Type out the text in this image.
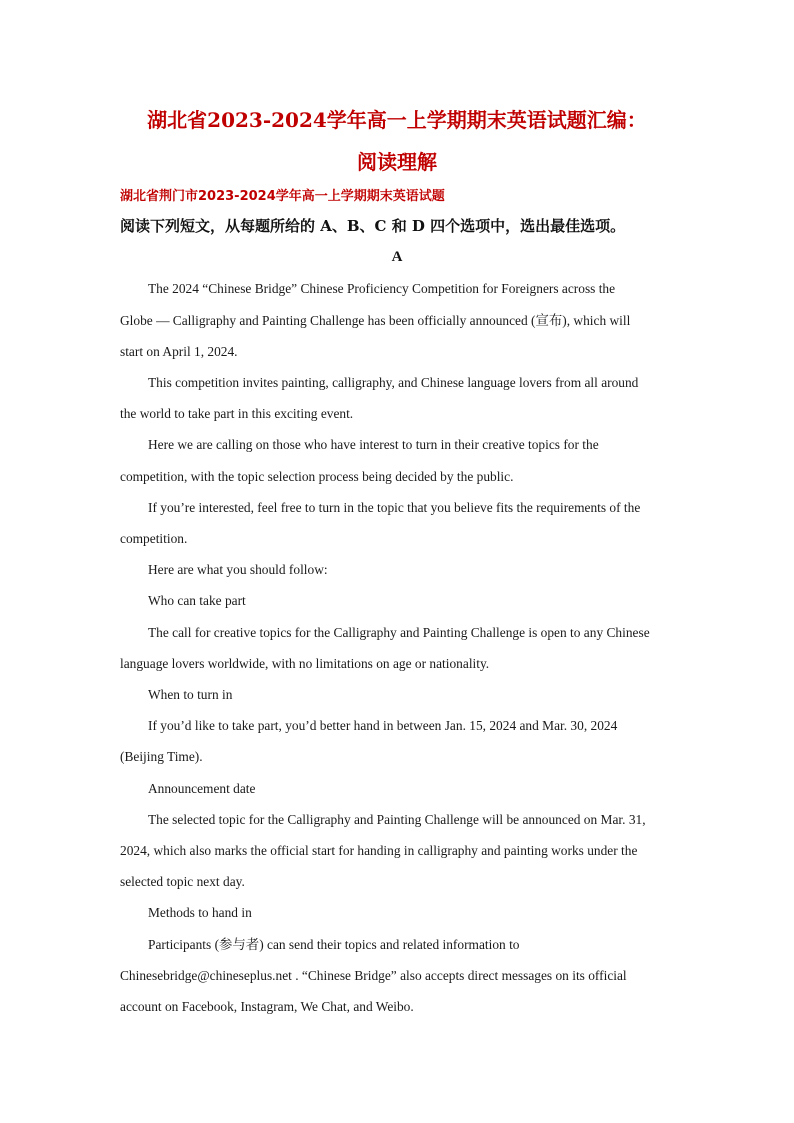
湖北省2023-2024学年高一上学期期末英语试题汇编：
阅读理解
湖北省荆门市2023-2024学年高一上学期期末英语试题
阅读下列短文，从每题所给的 A、B、C 和 D 四个选项中，选出最佳选项。
A
The 2024 “Chinese Bridge” Chinese Proficiency Competition for Foreigners across the
Globe — Calligraphy and Painting Challenge has been officially announced (宣布), which will
start on April 1, 2024.
This competition invites painting, calligraphy, and Chinese language lovers from all around
the world to take part in this exciting event.
Here we are calling on those who have interest to turn in their creative topics for the
competition, with the topic selection process being decided by the public.
If you’re interested, feel free to turn in the topic that you believe fits the requirements of the
competition.
Here are what you should follow:
Who can take part
The call for creative topics for the Calligraphy and Painting Challenge is open to any Chinese
language lovers worldwide, with no limitations on age or nationality.
When to turn in
If you’d like to take part, you’d better hand in between Jan. 15, 2024 and Mar. 30, 2024
(Beijing Time).
Announcement date
The selected topic for the Calligraphy and Painting Challenge will be announced on Mar. 31,
2024, which also marks the official start for handing in calligraphy and painting works under the
selected topic next day.
Methods to hand in
Participants (参与者) can send their topics and related information to
Chinesebridge@chineseplus.net . “Chinese Bridge” also accepts direct messages on its official
account on Facebook, Instagram, We Chat, and Weibo.
